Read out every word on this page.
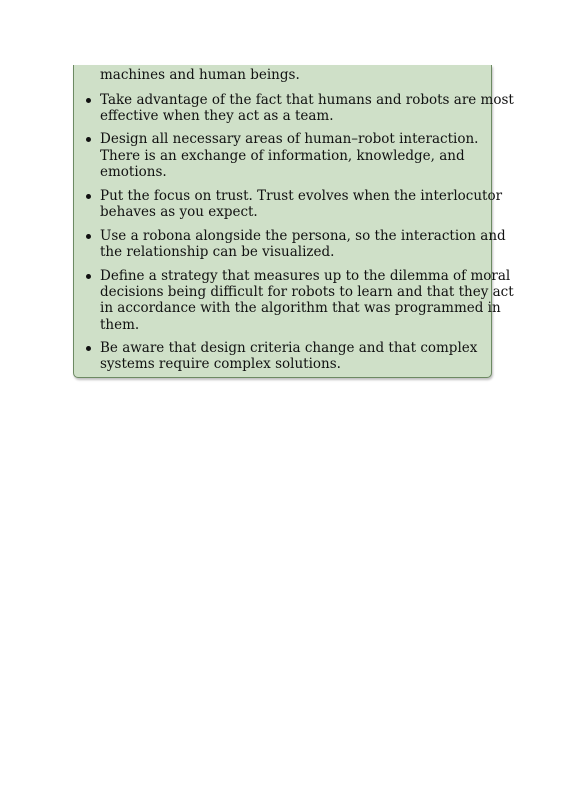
machines and human beings.
Take advantage of the fact that humans and robots are most
effective when they act as a team.
Design all necessary areas of human–robot interaction.
There is an exchange of information, knowledge, and
emotions.
Put the focus on trust. Trust evolves when the interlocutor
behaves as you expect.
Use a robona alongside the persona, so the interaction and
the relationship can be visualized.
Define a strategy that measures up to the dilemma of moral
decisions being difficult for robots to learn and that they act
in accordance with the algorithm that was programmed in
them.
Be aware that design criteria change and that complex
systems require complex solutions.
